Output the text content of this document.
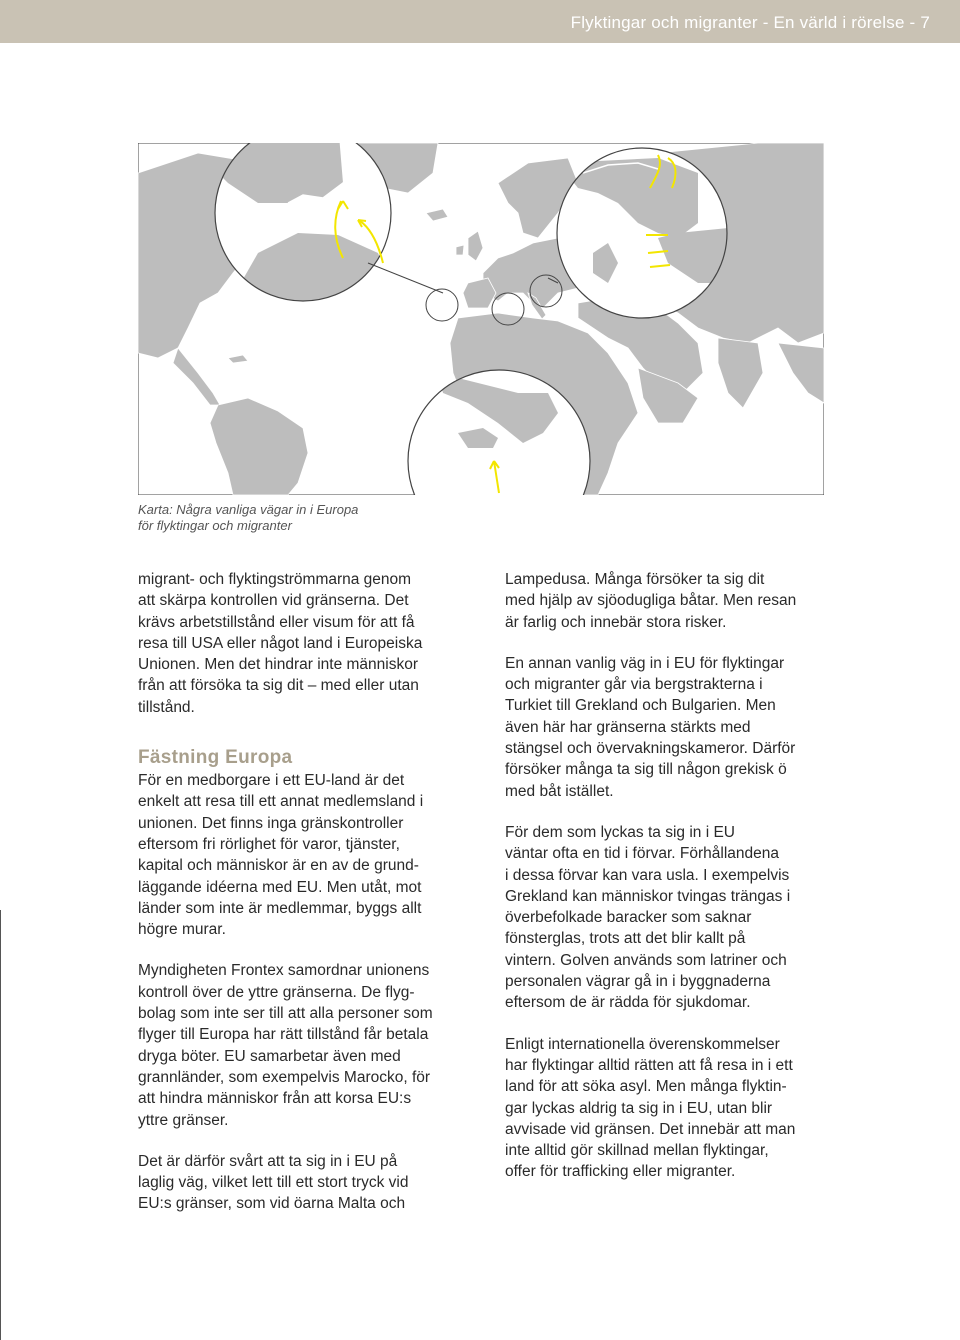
Flyktingar och migranter - En värld i rörelse - 7
Karta: Några vanliga vägar in i Europa
för flyktingar och migranter

migrant- och flyktingströmmarna genom
att skärpa kontrollen vid gränserna. Det
krävs arbetstillstånd eller visum för att få
resa till USA eller något land i Europeiska
Unionen. Men det hindrar inte människor
från att försöka ta sig dit – med eller utan
tillstånd.

Fästning Europa

För en medborgare i ett EU-land är det
enkelt att resa till ett annat medlemsland i
unionen. Det finns inga gränskontroller
eftersom fri rörlighet för varor, tjänster,
kapital och människor är en av de grund-
läggande idéerna med EU. Men utåt, mot
länder som inte är medlemmar, byggs allt
högre murar.

Myndigheten Frontex samordnar unionens
kontroll över de yttre gränserna. De flyg-
bolag som inte ser till att alla personer som
flyger till Europa har rätt tillstånd får betala
dryga böter. EU samarbetar även med
grannländer, som exempelvis Marocko, för
att hindra människor från att korsa EU:s
yttre gränser.

Det är därför svårt att ta sig in i EU på
laglig väg, vilket lett till ett stort tryck vid
EU:s gränser, som vid öarna Malta och

Lampedusa. Många försöker ta sig dit
med hjälp av sjöodugliga båtar. Men resan
är farlig och innebär stora risker.

En annan vanlig väg in i EU för flyktingar
och migranter går via bergstrakterna i
Turkiet till Grekland och Bulgarien. Men
även här har gränserna stärkts med
stängsel och övervakningskameror. Därför
försöker många ta sig till någon grekisk ö
med båt istället.

För dem som lyckas ta sig in i EU
väntar ofta en tid i förvar. Förhållandena
i dessa förvar kan vara usla. I exempelvis
Grekland kan människor tvingas trängas i
överbefolkade baracker som saknar
fönsterglas, trots att det blir kallt på
vintern. Golven används som latriner och
personalen vägrar gå in i byggnaderna
eftersom de är rädda för sjukdomar.

Enligt internationella överenskommelser
har flyktingar alltid rätten att få resa in i ett
land för att söka asyl. Men många flyktin-
gar lyckas aldrig ta sig in i EU, utan blir
avvisade vid gränsen. Det innebär att man
inte alltid gör skillnad mellan flyktingar,
offer för trafficking eller migranter.
